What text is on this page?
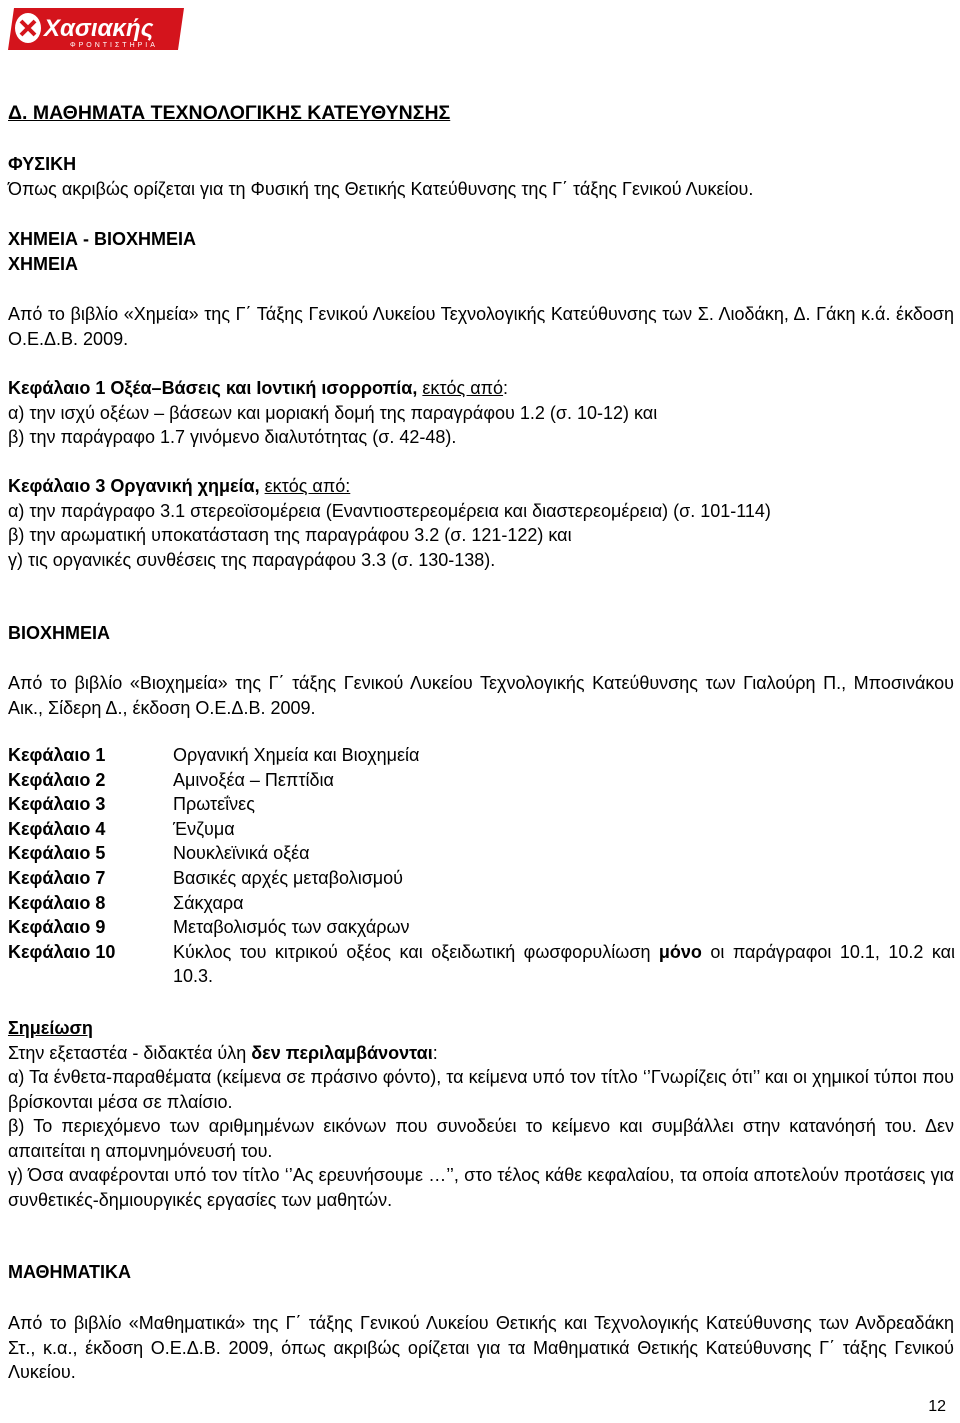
Χασιακής
ΦΡΟΝΤΙΣΤΗΡΙΑ
Δ. ΜΑΘΗΜΑΤΑ ΤΕΧΝΟΛΟΓΙΚΗΣ ΚΑΤΕΥΘΥΝΣΗΣ
ΦΥΣΙΚΗ
Όπως ακριβώς ορίζεται για τη Φυσική της Θετικής Κατεύθυνσης της Γ΄ τάξης Γενικού Λυκείου.
ΧΗΜΕΙΑ - ΒΙΟΧΗΜΕΙΑ
ΧΗΜΕΙΑ
Από το βιβλίο «Χημεία» της Γ΄ Τάξης Γενικού Λυκείου Τεχνολογικής Κατεύθυνσης των Σ. Λιοδάκη, Δ. Γάκη κ.ά. έκδοση Ο.Ε.Δ.Β. 2009.
Κεφάλαιο 1 Οξέα–Βάσεις και Ιοντική ισορροπία, εκτός από:
α) την ισχύ οξέων – βάσεων και μοριακή δομή της παραγράφου 1.2 (σ. 10-12) και
β) την παράγραφο 1.7 γινόμενο διαλυτότητας (σ. 42-48).
Κεφάλαιο 3 Οργανική χημεία, εκτός από:
α) την παράγραφο 3.1 στερεοϊσομέρεια (Εναντιοστερεομέρεια και διαστερεομέρεια) (σ. 101-114)
β) την αρωματική υποκατάσταση της παραγράφου 3.2 (σ. 121-122) και
γ) τις οργανικές συνθέσεις της παραγράφου 3.3 (σ. 130-138).
ΒΙΟΧΗΜΕΙΑ
Από το βιβλίο «Βιοχημεία» της Γ΄ τάξης Γενικού Λυκείου Τεχνολογικής Κατεύθυνσης των Γιαλούρη Π., Μποσινάκου Αικ., Σίδερη Δ., έκδοση Ο.Ε.Δ.Β. 2009.
Κεφάλαιο 1	Οργανική Χημεία και Βιοχημεία
Κεφάλαιο 2	Αμινοξέα – Πεπτίδια
Κεφάλαιο 3	Πρωτεΐνες
Κεφάλαιο 4	Ένζυμα
Κεφάλαιο 5	Νουκλεϊνικά οξέα
Κεφάλαιο 7	Βασικές αρχές μεταβολισμού
Κεφάλαιο 8	Σάκχαρα
Κεφάλαιο 9	Μεταβολισμός των σακχάρων
Κεφάλαιο 10	Κύκλος του κιτρικού οξέος και οξειδωτική φωσφορυλίωση μόνο οι παράγραφοι 10.1, 10.2 και 10.3.
Σημείωση
Στην εξεταστέα - διδακτέα ύλη δεν περιλαμβάνονται:
α) Τα ένθετα-παραθέματα (κείμενα σε πράσινο φόντο), τα κείμενα υπό τον τίτλο ‘’Γνωρίζεις ότι’’ και οι χημικοί τύποι που βρίσκονται μέσα σε πλαίσιο.
β) Το περιεχόμενο των αριθμημένων εικόνων που συνοδεύει το κείμενο και συμβάλλει στην κατανόησή του. Δεν απαιτείται η απομνημόνευσή του.
γ) Όσα αναφέρονται υπό τον τίτλο ‘’Ας ερευνήσουμε …’’, στο τέλος κάθε κεφαλαίου, τα οποία αποτελούν προτάσεις για συνθετικές-δημιουργικές εργασίες των μαθητών.
ΜΑΘΗΜΑΤΙΚΑ
Από το βιβλίο «Μαθηματικά» της Γ΄ τάξης Γενικού Λυκείου Θετικής και Τεχνολογικής Κατεύθυνσης των Ανδρεαδάκη Στ., κ.α., έκδοση Ο.Ε.Δ.Β. 2009, όπως ακριβώς ορίζεται για τα Μαθηματικά Θετικής Κατεύθυνσης Γ΄ τάξης Γενικού Λυκείου.
12
